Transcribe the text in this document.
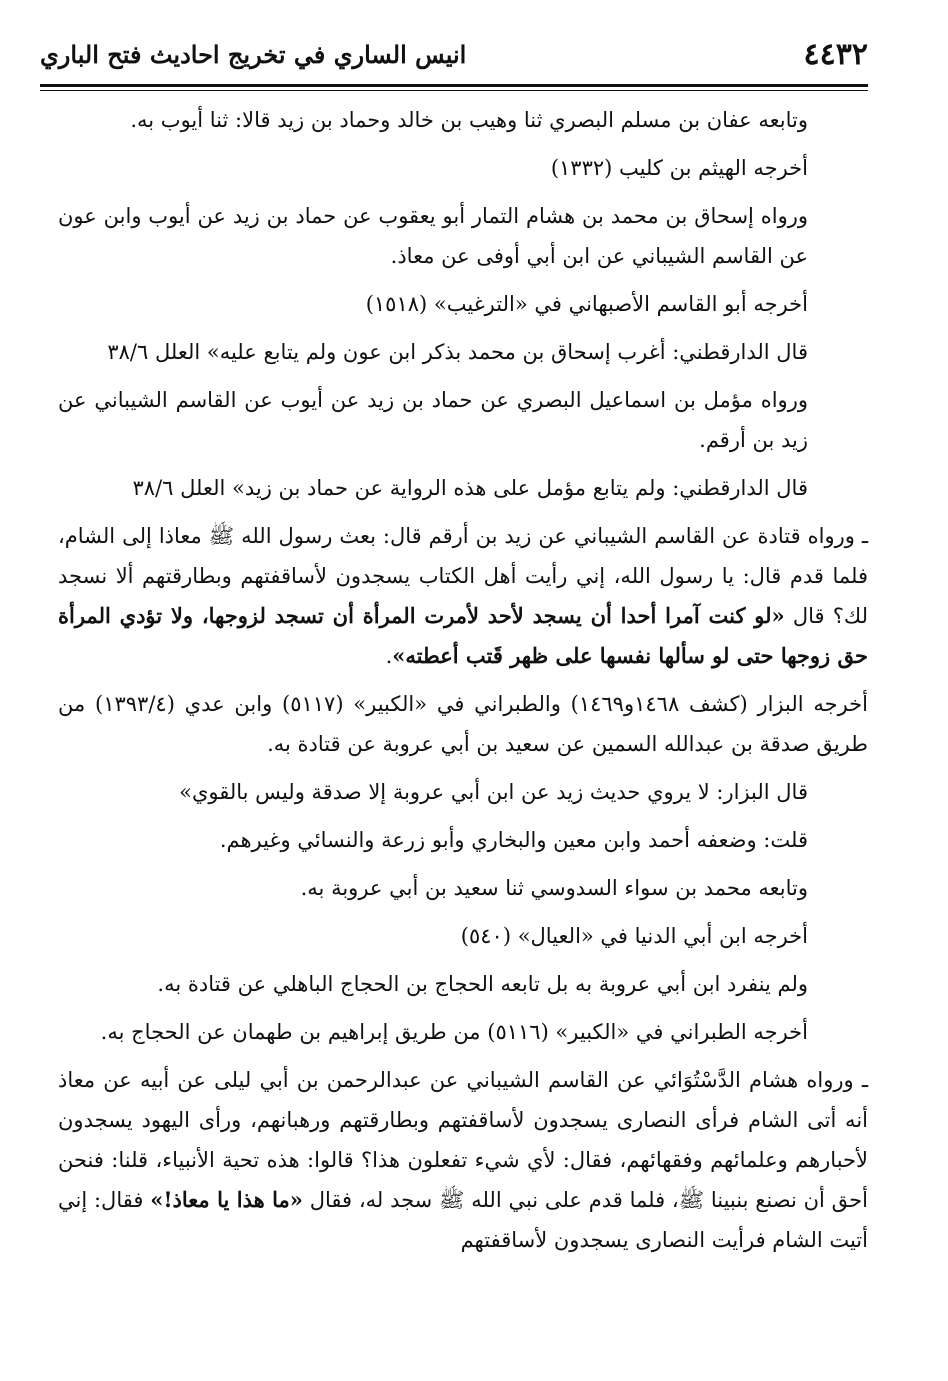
٤٤٣٢
انيس الساري في تخريج احاديث فتح الباري

وتابعه عفان بن مسلم البصري ثنا وهيب بن خالد وحماد بن زيد قالا: ثنا أيوب به.

أخرجه الهيثم بن كليب (١٣٣٢)

ورواه إسحاق بن محمد بن هشام التمار أبو يعقوب عن حماد بن زيد عن أيوب وابن عون عن القاسم الشيباني عن ابن أبي أوفى عن معاذ.

أخرجه أبو القاسم الأصبهاني في «الترغيب» (١٥١٨)

قال الدارقطني: أغرب إسحاق بن محمد بذكر ابن عون ولم يتابع عليه» العلل ٣٨/٦

ورواه مؤمل بن اسماعيل البصري عن حماد بن زيد عن أيوب عن القاسم الشيباني عن زيد بن أرقم.

قال الدارقطني: ولم يتابع مؤمل على هذه الرواية عن حماد بن زيد» العلل ٣٨/٦

ـ ورواه قتادة عن القاسم الشيباني عن زيد بن أرقم قال: بعث رسول الله ﷺ معاذا إلى الشام، فلما قدم قال: يا رسول الله، إني رأيت أهل الكتاب يسجدون لأساقفتهم وبطارقتهم ألا نسجد لك؟ قال «لو كنت آمرا أحدا أن يسجد لأحد لأمرت المرأة أن تسجد لزوجها، ولا تؤدي المرأة حق زوجها حتى لو سألها نفسها على ظهر قَتب أعطته».

أخرجه البزار (كشف ١٤٦٨و١٤٦٩) والطبراني في «الكبير» (٥١١٧) وابن عدي (١٣٩٣/٤) من طريق صدقة بن عبدالله السمين عن سعيد بن أبي عروبة عن قتادة به.

قال البزار: لا يروي حديث زيد عن ابن أبي عروبة إلا صدقة وليس بالقوي»

قلت: وضعفه أحمد وابن معين والبخاري وأبو زرعة والنسائي وغيرهم.

وتابعه محمد بن سواء السدوسي ثنا سعيد بن أبي عروبة به.

أخرجه ابن أبي الدنيا في «العيال» (٥٤٠)

ولم ينفرد ابن أبي عروبة به بل تابعه الحجاج بن الحجاج الباهلي عن قتادة به.

أخرجه الطبراني في «الكبير» (٥١١٦) من طريق إبراهيم بن طهمان عن الحجاج به.

ـ ورواه هشام الدَّسْتُوَائي عن القاسم الشيباني عن عبدالرحمن بن أبي ليلى عن أبيه عن معاذ أنه أتى الشام فرأى النصارى يسجدون لأساقفتهم وبطارقتهم ورهبانهم، ورأى اليهود يسجدون لأحبارهم وعلمائهم وفقهائهم، فقال: لأي شيء تفعلون هذا؟ قالوا: هذه تحية الأنبياء، قلنا: فنحن أحق أن نصنع بنبينا ﷺ، فلما قدم على نبي الله ﷺ سجد له، فقال «ما هذا يا معاذ!» فقال: إني أتيت الشام فرأيت النصارى يسجدون لأساقفتهم
